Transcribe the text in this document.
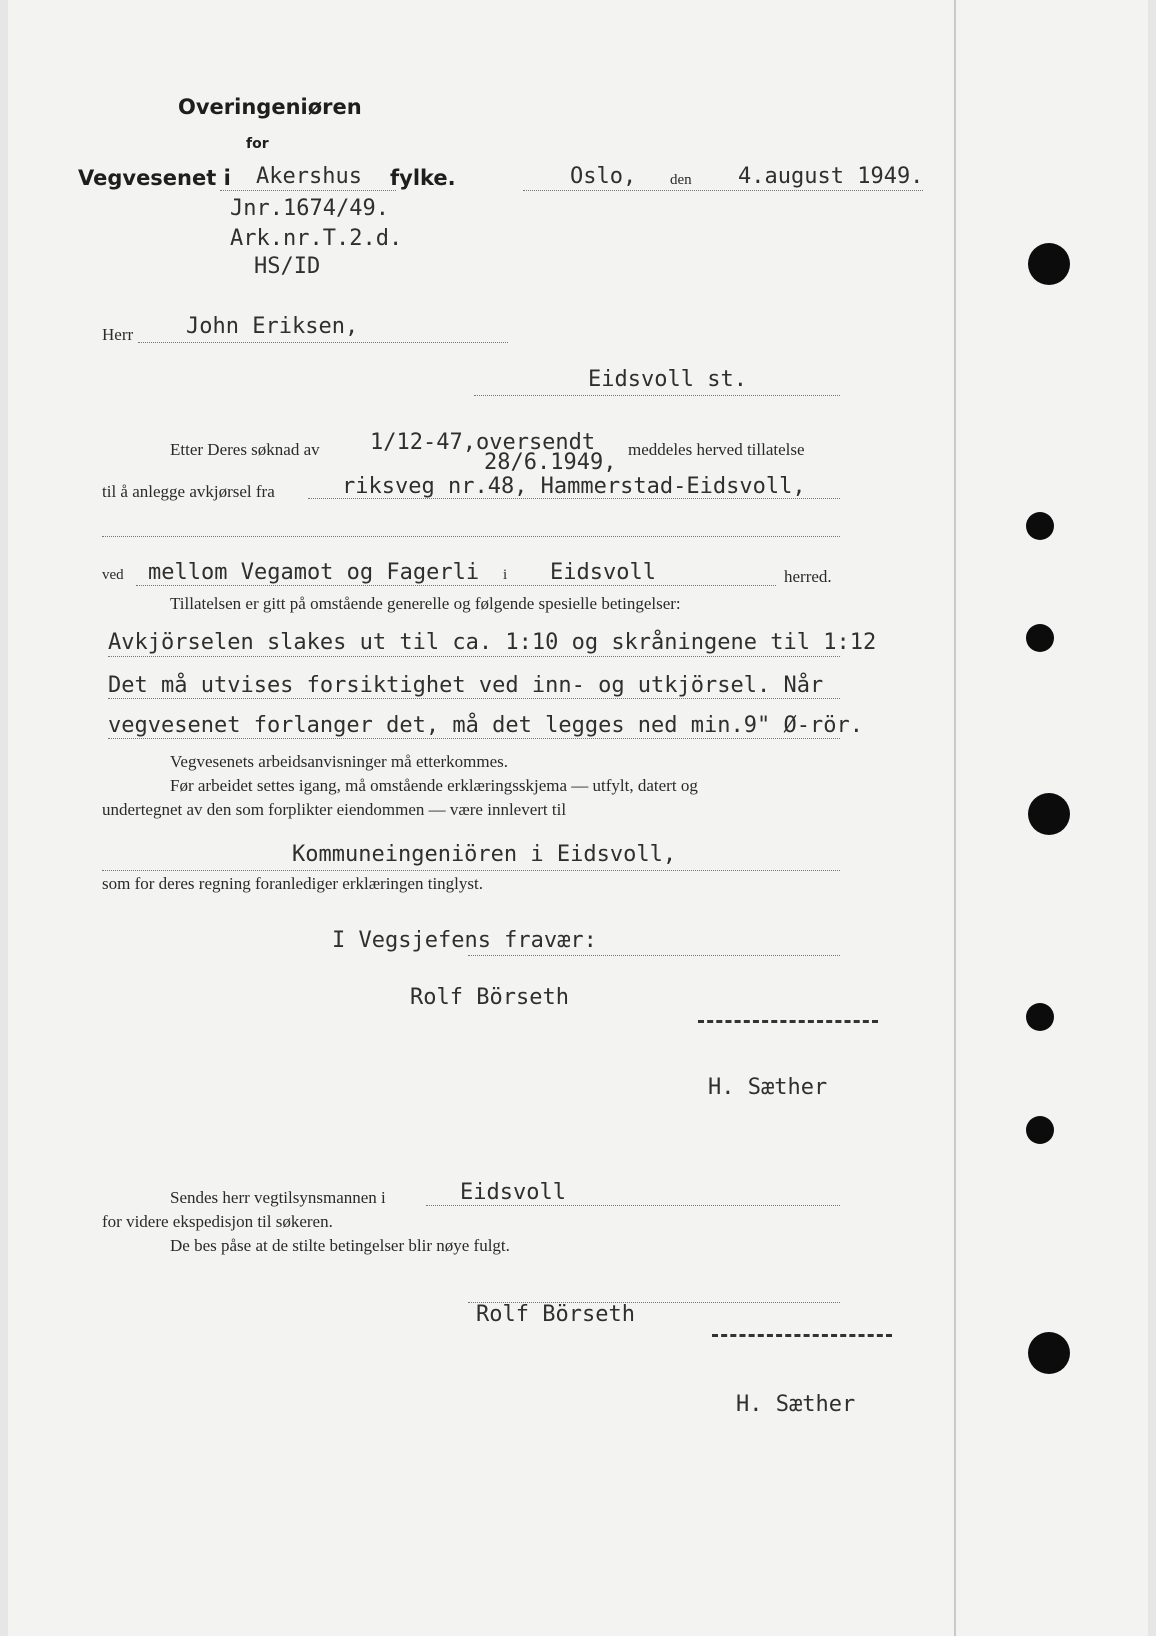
Overingeniøren
for
Vegvesenet i Akershus fylke.	Oslo, den 4.august 1949.
Jnr.1674/49.
Ark.nr.T.2.d.
HS/ID
Herr John Eriksen,
Eidsvoll st.
Etter Deres søknad av 1/12-47,oversendt
28/6.1949,
meddeles herved tillatelse
til å anlegge avkjørsel fra	riksveg nr.48, Hammerstad-Eidsvoll,
ved mellom Vegamot og Fagerli i Eidsvoll	herred.
Tillatelsen er gitt på omstående generelle og følgende spesielle betingelser:
Avkjörselen slakes ut til ca. 1:10 og skråningene til 1:12
Det må utvises forsiktighet ved inn- og utkjörsel. Når
vegvesenet forlanger det, må det legges ned min.9" Ø-rör.
Vegvesenets arbeidsanvisninger må etterkommes.
Før arbeidet settes igang, må omstående erklæringsskjema — utfylt, datert og
undertegnet av den som forplikter eiendommen — være innlevert til
Kommuneingeniören i Eidsvoll,
som for deres regning foranlediger erklæringen tinglyst.
I Vegsjefens fravær:
Rolf Börseth
H. Sæther
Sendes herr vegtilsynsmannen i	Eidsvoll
for videre ekspedisjon til søkeren.
De bes påse at de stilte betingelser blir nøye fulgt.
Rolf Börseth
H. Sæther
